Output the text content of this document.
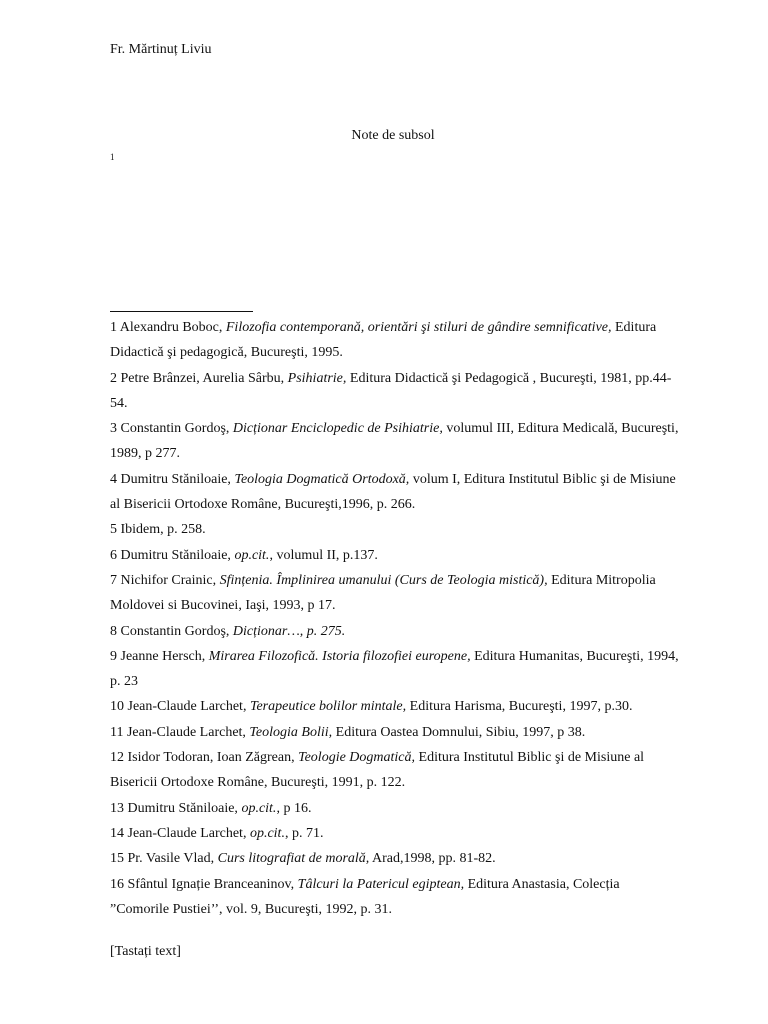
Fr. Mărtinuț Liviu
Note de subsol
1

1 Alexandru Boboc, Filozofia contemporană, orientări şi stiluri de gândire semnificative, Editura Didactică şi pedagogică, Bucureşti, 1995.

2 Petre Brânzei, Aurelia Sârbu, Psihiatrie, Editura Didactică şi Pedagogică , Bucureşti, 1981, pp.44-54.

3 Constantin Gordoş, Dicționar Enciclopedic de Psihiatrie, volumul III, Editura Medicală, Bucureşti, 1989, p 277.

4 Dumitru Stăniloaie, Teologia Dogmatică Ortodoxă, volum I, Editura Institutul Biblic şi de Misiune al Bisericii Ortodoxe Române, Bucureşti,1996, p. 266.

5 Ibidem, p. 258.

6 Dumitru Stăniloaie, op.cit., volumul II, p.137.

7 Nichifor Crainic, Sfințenia. Împlinirea umanului (Curs de Teologia mistică), Editura Mitropolia Moldovei si Bucovinei, Iaşi, 1993, p 17.

8 Constantin Gordoş, Dicționar…, p. 275.

9 Jeanne Hersch, Mirarea Filozofică. Istoria filozofiei europene, Editura Humanitas, Bucureşti, 1994, p. 23

10 Jean-Claude Larchet, Terapeutice bolilor mintale, Editura Harisma, Bucureşti, 1997, p.30.

11 Jean-Claude Larchet, Teologia Bolii, Editura Oastea Domnului, Sibiu, 1997, p 38.

12 Isidor Todoran, Ioan Zăgrean, Teologie Dogmatică, Editura Institutul Biblic şi de Misiune al Bisericii Ortodoxe Române, Bucureşti, 1991, p. 122.

13 Dumitru Stăniloaie, op.cit., p 16.

14 Jean-Claude Larchet, op.cit., p. 71.

15 Pr. Vasile Vlad, Curs litografiat de morală, Arad,1998, pp. 81-82.

16 Sfântul Ignație Branceaninov, Tâlcuri la Patericul egiptean, Editura Anastasia, Colecția ”Comorile Pustiei’’, vol. 9, Bucureşti, 1992, p. 31.

[Tastați text]
